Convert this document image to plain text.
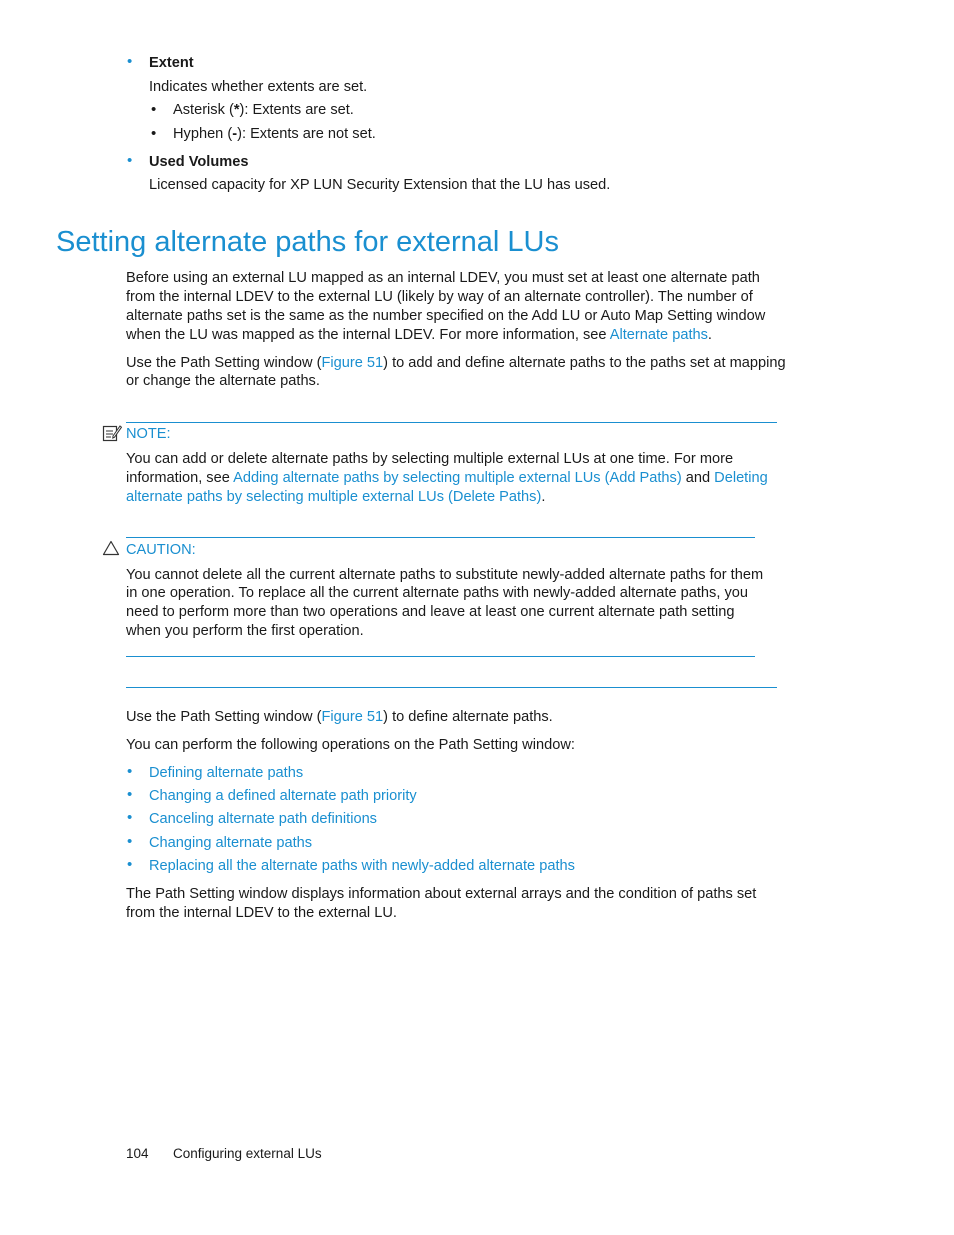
• Extent
Indicates whether extents are set.
• Asterisk (*): Extents are set.
• Hyphen (-): Extents are not set.
• Used Volumes
Licensed capacity for XP LUN Security Extension that the LU has used.
Setting alternate paths for external LUs
Before using an external LU mapped as an internal LDEV, you must set at least one alternate path
from the internal LDEV to the external LU (likely by way of an alternate controller). The number of
alternate paths set is the same as the number specified on the Add LU or Auto Map Setting window
when the LU was mapped as the internal LDEV. For more information, see Alternate paths.
Use the Path Setting window (Figure 51) to add and define alternate paths to the paths set at mapping
or change the alternate paths.
NOTE:
You can add or delete alternate paths by selecting multiple external LUs at one time. For more
information, see Adding alternate paths by selecting multiple external LUs (Add Paths) and Deleting
alternate paths by selecting multiple external LUs (Delete Paths).
CAUTION:
You cannot delete all the current alternate paths to substitute newly-added alternate paths for them
in one operation. To replace all the current alternate paths with newly-added alternate paths, you
need to perform more than two operations and leave at least one current alternate path setting
when you perform the first operation.
Use the Path Setting window (Figure 51) to define alternate paths.
You can perform the following operations on the Path Setting window:
• Defining alternate paths
• Changing a defined alternate path priority
• Canceling alternate path definitions
• Changing alternate paths
• Replacing all the alternate paths with newly-added alternate paths
The Path Setting window displays information about external arrays and the condition of paths set
from the internal LDEV to the external LU.
104 Configuring external LUs
